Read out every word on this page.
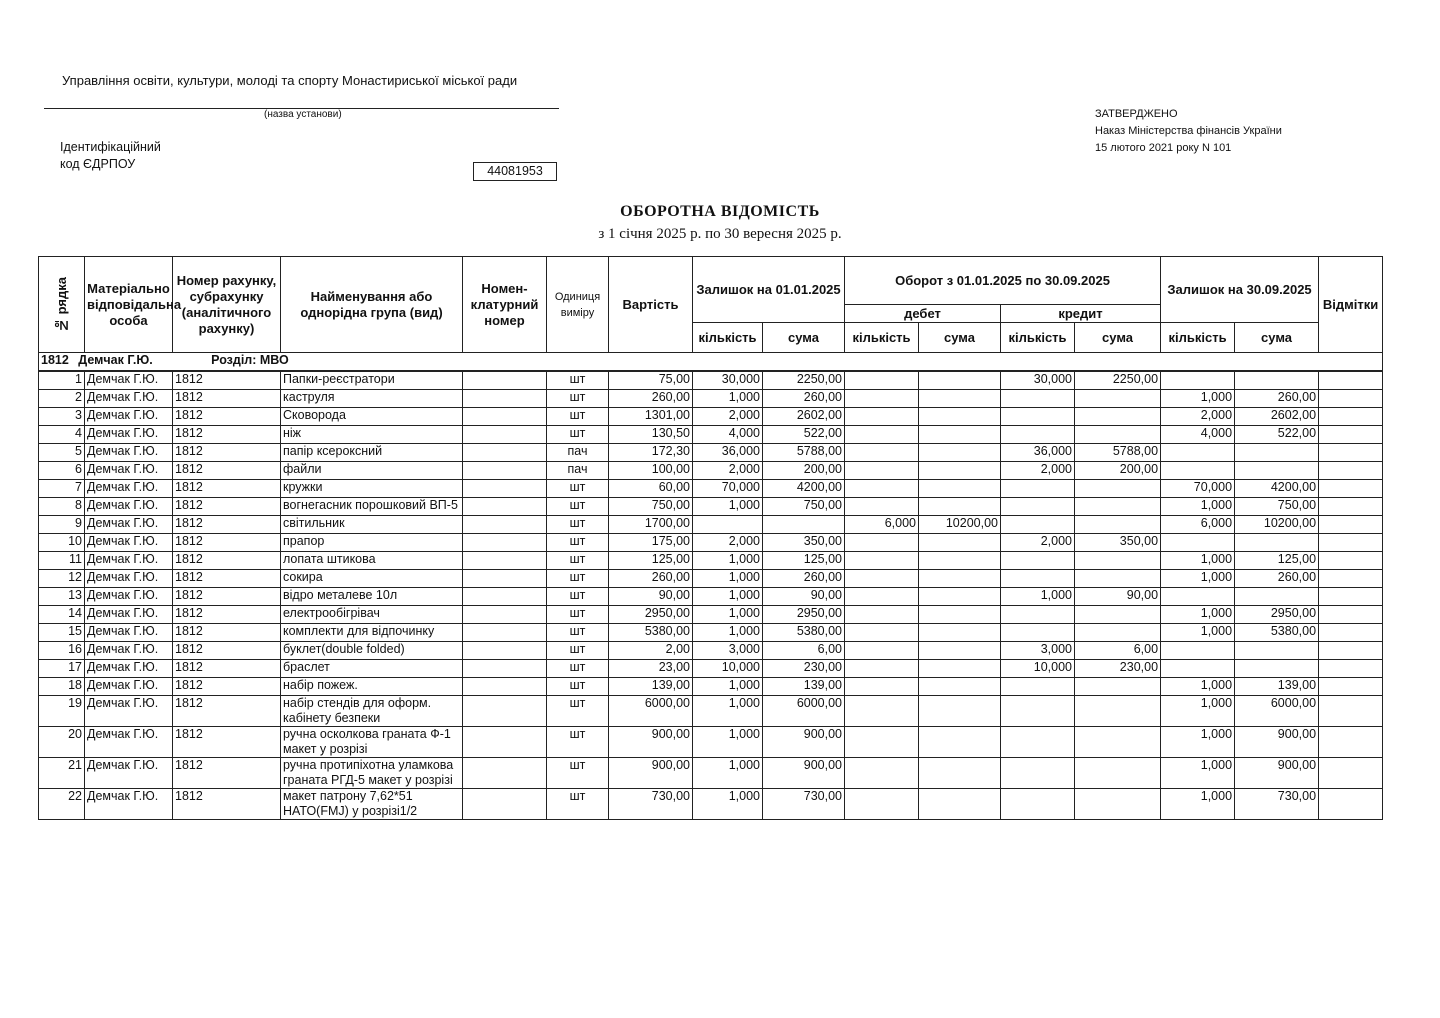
Управління освіти, культури, молоді та спорту Монастириської міської ради
(назва установи)
Ідентифікаційний
код ЄДРПОУ	44081953
ЗАТВЕРДЖЕНО
Наказ Міністерства фінансів України
15 лютого 2021 року N 101
ОБОРОТНА ВІДОМІСТЬ
з 1 січня 2025 р. по 30 вересня 2025 р.
№ рядка	Матеріально відповідальна особа	Номер рахунку, субрахунку (аналітичного рахунку)	Найменування або однорідна група (вид)	Номен-клатурний номер	Одиниця виміру	Вартість	Залишок на 01.01.2025		Оборот з 01.01.2025 по 30.09.2025				Залишок на 30.09.2025		Відмітки
									дебет		кредит				
							кількість	сума	кількість	сума	кількість	сума	кількість	сума	
1812 Демчак Г.Ю. Розділ: МВО															
1	Демчак Г.Ю.	1812	Папки-реєстратори		шт	75,00	30,000	2250,00			30,000	2250,00			
2	Демчак Г.Ю.	1812	каструля		шт	260,00	1,000	260,00					1,000	260,00	
3	Демчак Г.Ю.	1812	Сковорода		шт	1301,00	2,000	2602,00					2,000	2602,00	
4	Демчак Г.Ю.	1812	ніж		шт	130,50	4,000	522,00					4,000	522,00	
5	Демчак Г.Ю.	1812	папір ксероксний		пач	172,30	36,000	5788,00			36,000	5788,00			
6	Демчак Г.Ю.	1812	файли		пач	100,00	2,000	200,00			2,000	200,00			
7	Демчак Г.Ю.	1812	кружки		шт	60,00	70,000	4200,00					70,000	4200,00	
8	Демчак Г.Ю.	1812	вогнегасник порошковий ВП-5		шт	750,00	1,000	750,00					1,000	750,00	
9	Демчак Г.Ю.	1812	світильник		шт	1700,00			6,000	10200,00			6,000	10200,00	
10	Демчак Г.Ю.	1812	прапор		шт	175,00	2,000	350,00			2,000	350,00			
11	Демчак Г.Ю.	1812	лопата штикова		шт	125,00	1,000	125,00					1,000	125,00	
12	Демчак Г.Ю.	1812	сокира		шт	260,00	1,000	260,00					1,000	260,00	
13	Демчак Г.Ю.	1812	відро металеве 10л		шт	90,00	1,000	90,00			1,000	90,00			
14	Демчак Г.Ю.	1812	електрообігрівач		шт	2950,00	1,000	2950,00					1,000	2950,00	
15	Демчак Г.Ю.	1812	комплекти для відпочинку		шт	5380,00	1,000	5380,00					1,000	5380,00	
16	Демчак Г.Ю.	1812	буклет(double folded)		шт	2,00	3,000	6,00			3,000	6,00			
17	Демчак Г.Ю.	1812	браслет		шт	23,00	10,000	230,00			10,000	230,00			
18	Демчак Г.Ю.	1812	набір пожеж.		шт	139,00	1,000	139,00					1,000	139,00	
19	Демчак Г.Ю.	1812	набір стендів для оформ. кабінету безпеки		шт	6000,00	1,000	6000,00					1,000	6000,00	
20	Демчак Г.Ю.	1812	ручна осколкова граната Ф-1 макет у розрізі		шт	900,00	1,000	900,00					1,000	900,00	
21	Демчак Г.Ю.	1812	ручна протипіхотна уламкова граната РГД-5 макет у розрізі		шт	900,00	1,000	900,00					1,000	900,00	
22	Демчак Г.Ю.	1812	макет патрону 7,62*51 НАТО(FMJ) у розрізі1/2		шт	730,00	1,000	730,00					1,000	730,00	
